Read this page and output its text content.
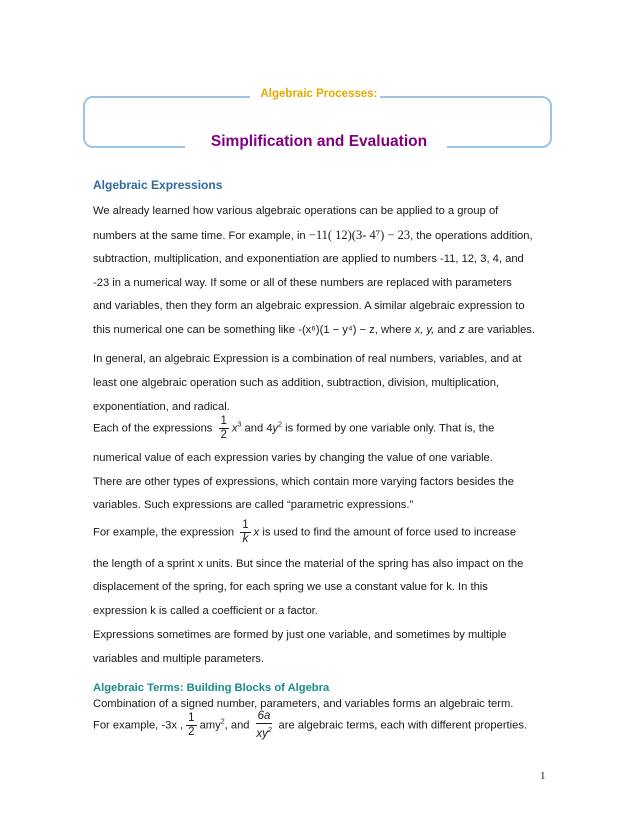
Algebraic Processes:
Simplification and Evaluation
Algebraic Expressions
We already learned how various algebraic operations can be applied to a group of
numbers at the same time. For example, in −11( 12)(3- 4⁷) − 23, the operations addition,
subtraction, multiplication, and exponentiation are applied to numbers -11, 12, 3, 4, and
-23 in a numerical way. If some or all of these numbers are replaced with parameters
and variables, then they form an algebraic expression. A similar algebraic expression to
this numerical one can be something like -(x⁶)(1 − y⁴) − z, where x, y, and z are variables.
In general, an algebraic Expression is a combination of real numbers, variables, and at
least one algebraic operation such as addition, subtraction, division, multiplication,
exponentiation, and radical.
Each of the expressions $\frac{1}{2} x^3$ and $4y^2$ is formed by one variable only. That is, the
numerical value of each expression varies by changing the value of one variable.
There are other types of expressions, which contain more varying factors besides the
variables. Such expressions are called “parametric expressions.”
For example, the expression $\frac{1}{k}$ x is used to find the amount of force used to increase
the length of a sprint x units. But since the material of the spring has also impact on the
displacement of the spring, for each spring we use a constant value for k. In this
expression k is called a coefficient or a factor.
Expressions sometimes are formed by just one variable, and sometimes by multiple
variables and multiple parameters.
Algebraic Terms: Building Blocks of Algebra
Combination of a signed number, parameters, and variables forms an algebraic term.
For example, -3x , $\frac{1}{2} amy^2$, and $\frac{6a}{xy^2}$ are algebraic terms, each with different properties.
1
